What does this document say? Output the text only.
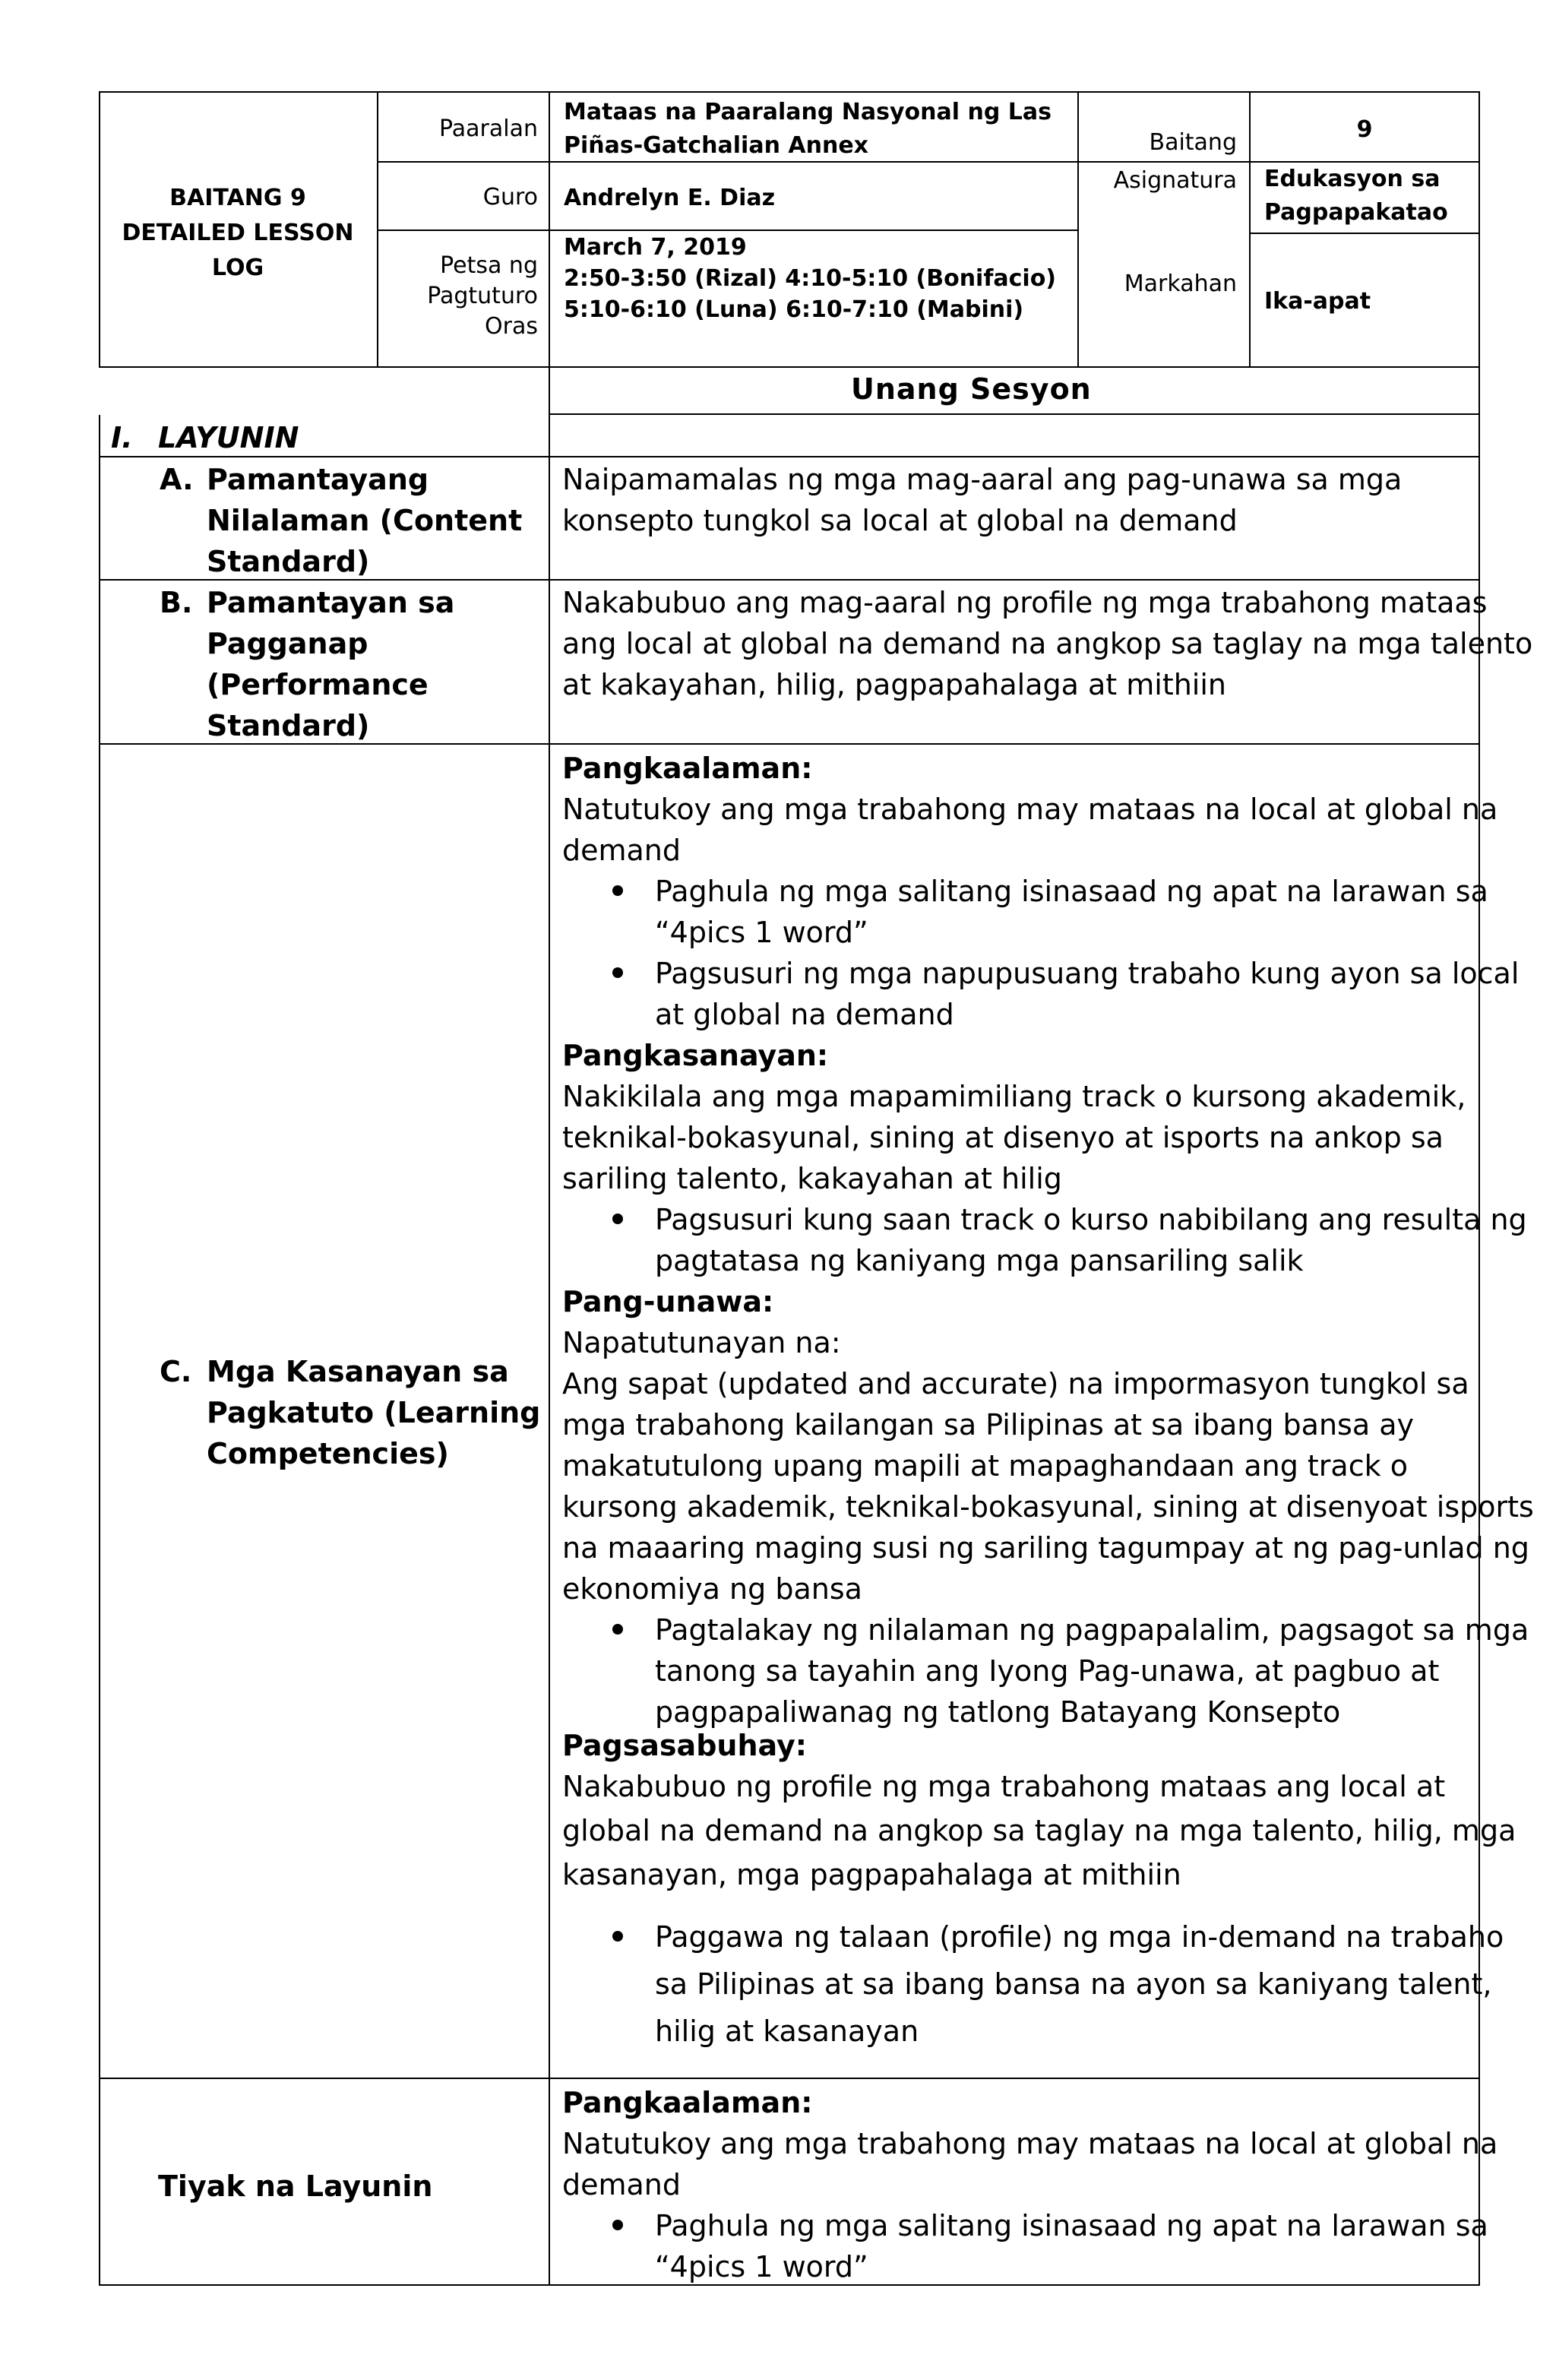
BAITANG 9
DETAILED LESSON
LOG
Paaralan
Mataas na Paaralang Nasyonal ng Las
Piñas-Gatchalian Annex	Baitang	9
Guro Andrelyn E. Diaz
Asignatura Edukasyon sa
Pagpapakatao
Petsa ng
Pagtuturo
Oras
March 7, 2019
2:50-3:50 (Rizal) 4:10-5:10 (Bonifacio)
5:10-6:10 (Luna) 6:10-7:10 (Mabini)
Markahan
Ika-apat
Unang Sesyon
I. LAYUNIN
A. Pamantayang
Nilalaman (Content
Standard)
Naipamamalas ng mga mag-aaral ang pag-unawa sa mga
konsepto tungkol sa local at global na demand
B. Pamantayan sa
Pagganap
(Performance
Standard)
Nakabubuo ang mag-aaral ng profile ng mga trabahong mataas
ang local at global na demand na angkop sa taglay na mga talento
at kakayahan, hilig, pagpapahalaga at mithiin
C. Mga Kasanayan sa
Pagkatuto (Learning
Competencies)
Pangkaalaman:
Natutukoy ang mga trabahong may mataas na local at global na
demand
Paghula ng mga salitang isinasaad ng apat na larawan sa
“4pics 1 word”
Pagsusuri ng mga napupusuang trabaho kung ayon sa local
at global na demand
Pangkasanayan:
Nakikilala ang mga mapamimiliang track o kursong akademik,
teknikal-bokasyunal, sining at disenyo at isports na ankop sa
sariling talento, kakayahan at hilig
Pagsusuri kung saan track o kurso nabibilang ang resulta ng
pagtatasa ng kaniyang mga pansariling salik
Pang-unawa:
Napatutunayan na:
Ang sapat (updated and accurate) na impormasyon tungkol sa
mga trabahong kailangan sa Pilipinas at sa ibang bansa ay
makatutulong upang mapili at mapaghandaan ang track o
kursong akademik, teknikal-bokasyunal, sining at disenyoat isports
na maaaring maging susi ng sariling tagumpay at ng pag-unlad ng
ekonomiya ng bansa
Pagtalakay ng nilalaman ng pagpapalalim, pagsagot sa mga
tanong sa tayahin ang Iyong Pag-unawa, at pagbuo at
pagpapaliwanag ng tatlong Batayang Konsepto
Pagsasabuhay:
Nakabubuo ng profile ng mga trabahong mataas ang local at
global na demand na angkop sa taglay na mga talento, hilig, mga
kasanayan, mga pagpapahalaga at mithiin
Paggawa ng talaan (profile) ng mga in-demand na trabaho
sa Pilipinas at sa ibang bansa na ayon sa kaniyang talent,
hilig at kasanayan
Tiyak na Layunin
Pangkaalaman:
Natutukoy ang mga trabahong may mataas na local at global na
demand
Paghula ng mga salitang isinasaad ng apat na larawan sa
“4pics 1 word”
